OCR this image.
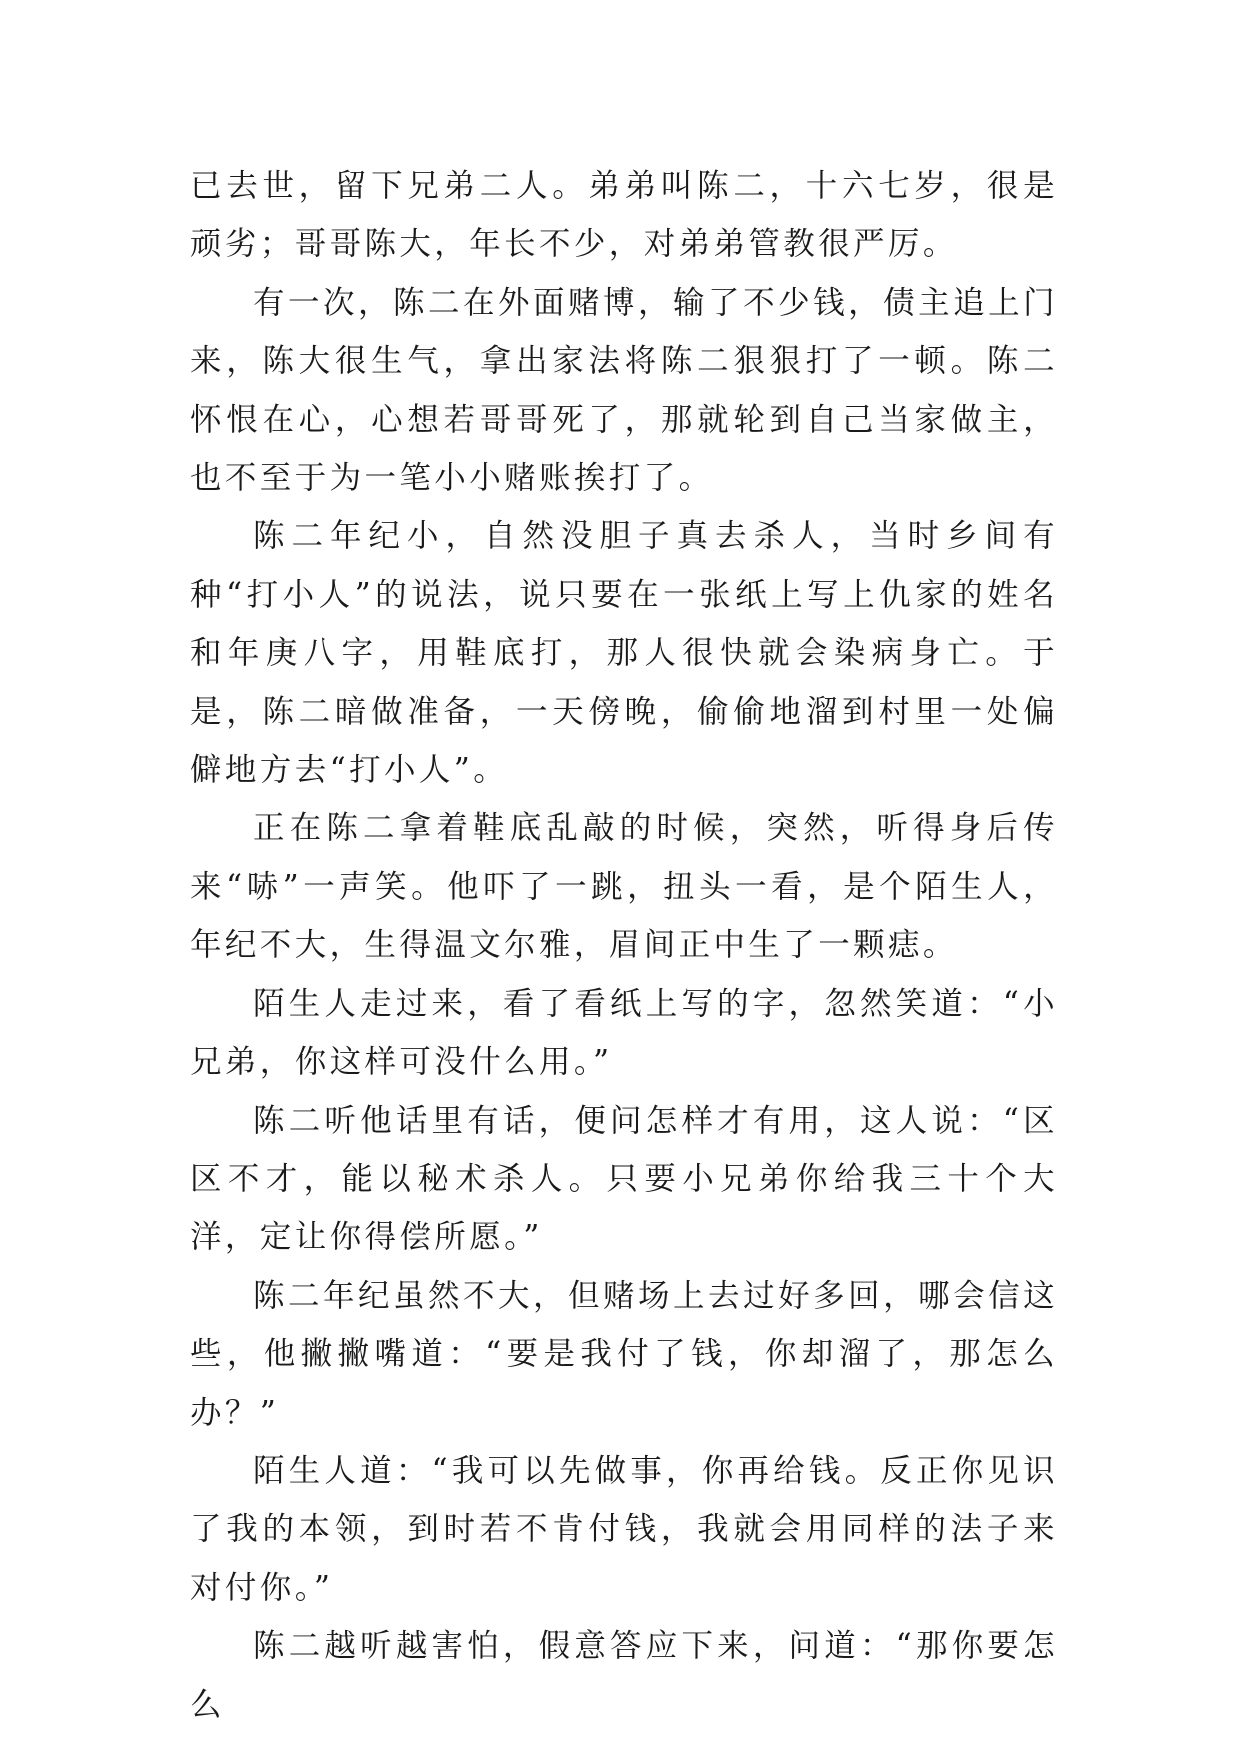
已去世，留下兄弟二人。弟弟叫陈二，十六七岁，很是顽劣；哥哥陈大，年长不少，对弟弟管教很严厉。

有一次，陈二在外面赌博，输了不少钱，债主追上门来，陈大很生气，拿出家法将陈二狠狠打了一顿。陈二怀恨在心，心想若哥哥死了，那就轮到自己当家做主，也不至于为一笔小小赌账挨打了。

陈二年纪小，自然没胆子真去杀人，当时乡间有种“打小人”的说法，说只要在一张纸上写上仇家的姓名和年庚八字，用鞋底打，那人很快就会染病身亡。于是，陈二暗做准备，一天傍晚，偷偷地溜到村里一处偏僻地方去“打小人”。

正在陈二拿着鞋底乱敲的时候，突然，听得身后传来“哧”一声笑。他吓了一跳，扭头一看，是个陌生人，年纪不大，生得温文尔雅，眉间正中生了一颗痣。

陌生人走过来，看了看纸上写的字，忽然笑道：“小兄弟，你这样可没什么用。”

陈二听他话里有话，便问怎样才有用，这人说：“区区不才，能以秘术杀人。只要小兄弟你给我三十个大洋，定让你得偿所愿。”

陈二年纪虽然不大，但赌场上去过好多回，哪会信这些，他撇撇嘴道：“要是我付了钱，你却溜了，那怎么办？”

陌生人道：“我可以先做事，你再给钱。反正你见识了我的本领，到时若不肯付钱，我就会用同样的法子来对付你。”

陈二越听越害怕，假意答应下来，问道：“那你要怎么
